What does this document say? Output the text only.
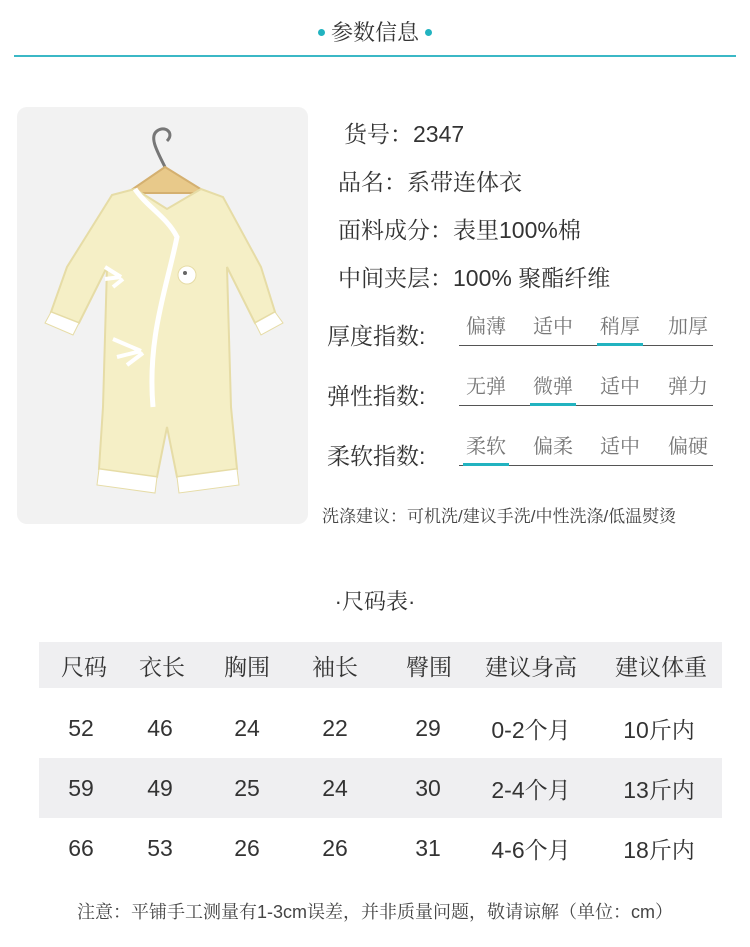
参数信息
货号：2347
品名：系带连体衣
面料成分：表里100%棉
中间夹层：100% 聚酯纤维
厚度指数:	偏薄	适中	稍厚	加厚
弹性指数:	无弹	微弹	适中	弹力
柔软指数:	柔软	偏柔	适中	偏硬
洗涤建议：可机洗/建议手洗/中性洗涤/低温熨烫
·尺码表·
尺码	衣长	胸围	袖长	臀围	建议身高	建议体重
52	46	24	22	29	0-2个月	10斤内
59	49	25	24	30	2-4个月	13斤内
66	53	26	26	31	4-6个月	18斤内
注意：平铺手工测量有1-3cm误差，并非质量问题，敬请谅解（单位：cm）
